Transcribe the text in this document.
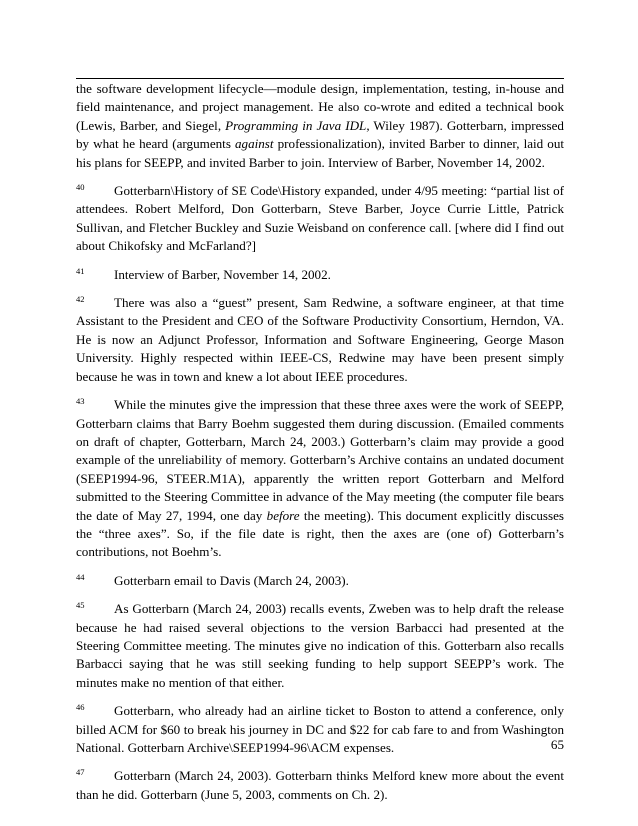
the software development lifecycle—module design, implementation, testing, in-house and field maintenance, and project management. He also co-wrote and edited a technical book (Lewis, Barber, and Siegel, Programming in Java IDL, Wiley 1987). Gotterbarn, impressed by what he heard (arguments against professionalization), invited Barber to dinner, laid out his plans for SEEPP, and invited Barber to join. Interview of Barber, November 14, 2002.

40 Gotterbarn\History of SE Code\History expanded, under 4/95 meeting: “partial list of attendees. Robert Melford, Don Gotterbarn, Steve Barber, Joyce Currie Little, Patrick Sullivan, and Fletcher Buckley and Suzie Weisband on conference call. [where did I find out about Chikofsky and McFarland?]

41 Interview of Barber, November 14, 2002.

42 There was also a “guest” present, Sam Redwine, a software engineer, at that time Assistant to the President and CEO of the Software Productivity Consortium, Herndon, VA. He is now an Adjunct Professor, Information and Software Engineering, George Mason University. Highly respected within IEEE-CS, Redwine may have been present simply because he was in town and knew a lot about IEEE procedures.

43 While the minutes give the impression that these three axes were the work of SEEPP, Gotterbarn claims that Barry Boehm suggested them during discussion. (Emailed comments on draft of chapter, Gotterbarn, March 24, 2003.) Gotterbarn’s claim may provide a good example of the unreliability of memory. Gotterbarn’s Archive contains an undated document (SEEP1994-96, STEER.M1A), apparently the written report Gotterbarn and Melford submitted to the Steering Committee in advance of the May meeting (the computer file bears the date of May 27, 1994, one day before the meeting). This document explicitly discusses the “three axes”. So, if the file date is right, then the axes are (one of) Gotterbarn’s contributions, not Boehm’s.

44 Gotterbarn email to Davis (March 24, 2003).

45 As Gotterbarn (March 24, 2003) recalls events, Zweben was to help draft the release because he had raised several objections to the version Barbacci had presented at the Steering Committee meeting. The minutes give no indication of this. Gotterbarn also recalls Barbacci saying that he was still seeking funding to help support SEEPP’s work. The minutes make no mention of that either.

46 Gotterbarn, who already had an airline ticket to Boston to attend a conference, only billed ACM for $60 to break his journey in DC and $22 for cab fare to and from Washington National. Gotterbarn Archive\SEEP1994-96\ACM expenses.

47 Gotterbarn (March 24, 2003). Gotterbarn thinks Melford knew more about the event than he did. Gotterbarn (June 5, 2003, comments on Ch. 2).

65
